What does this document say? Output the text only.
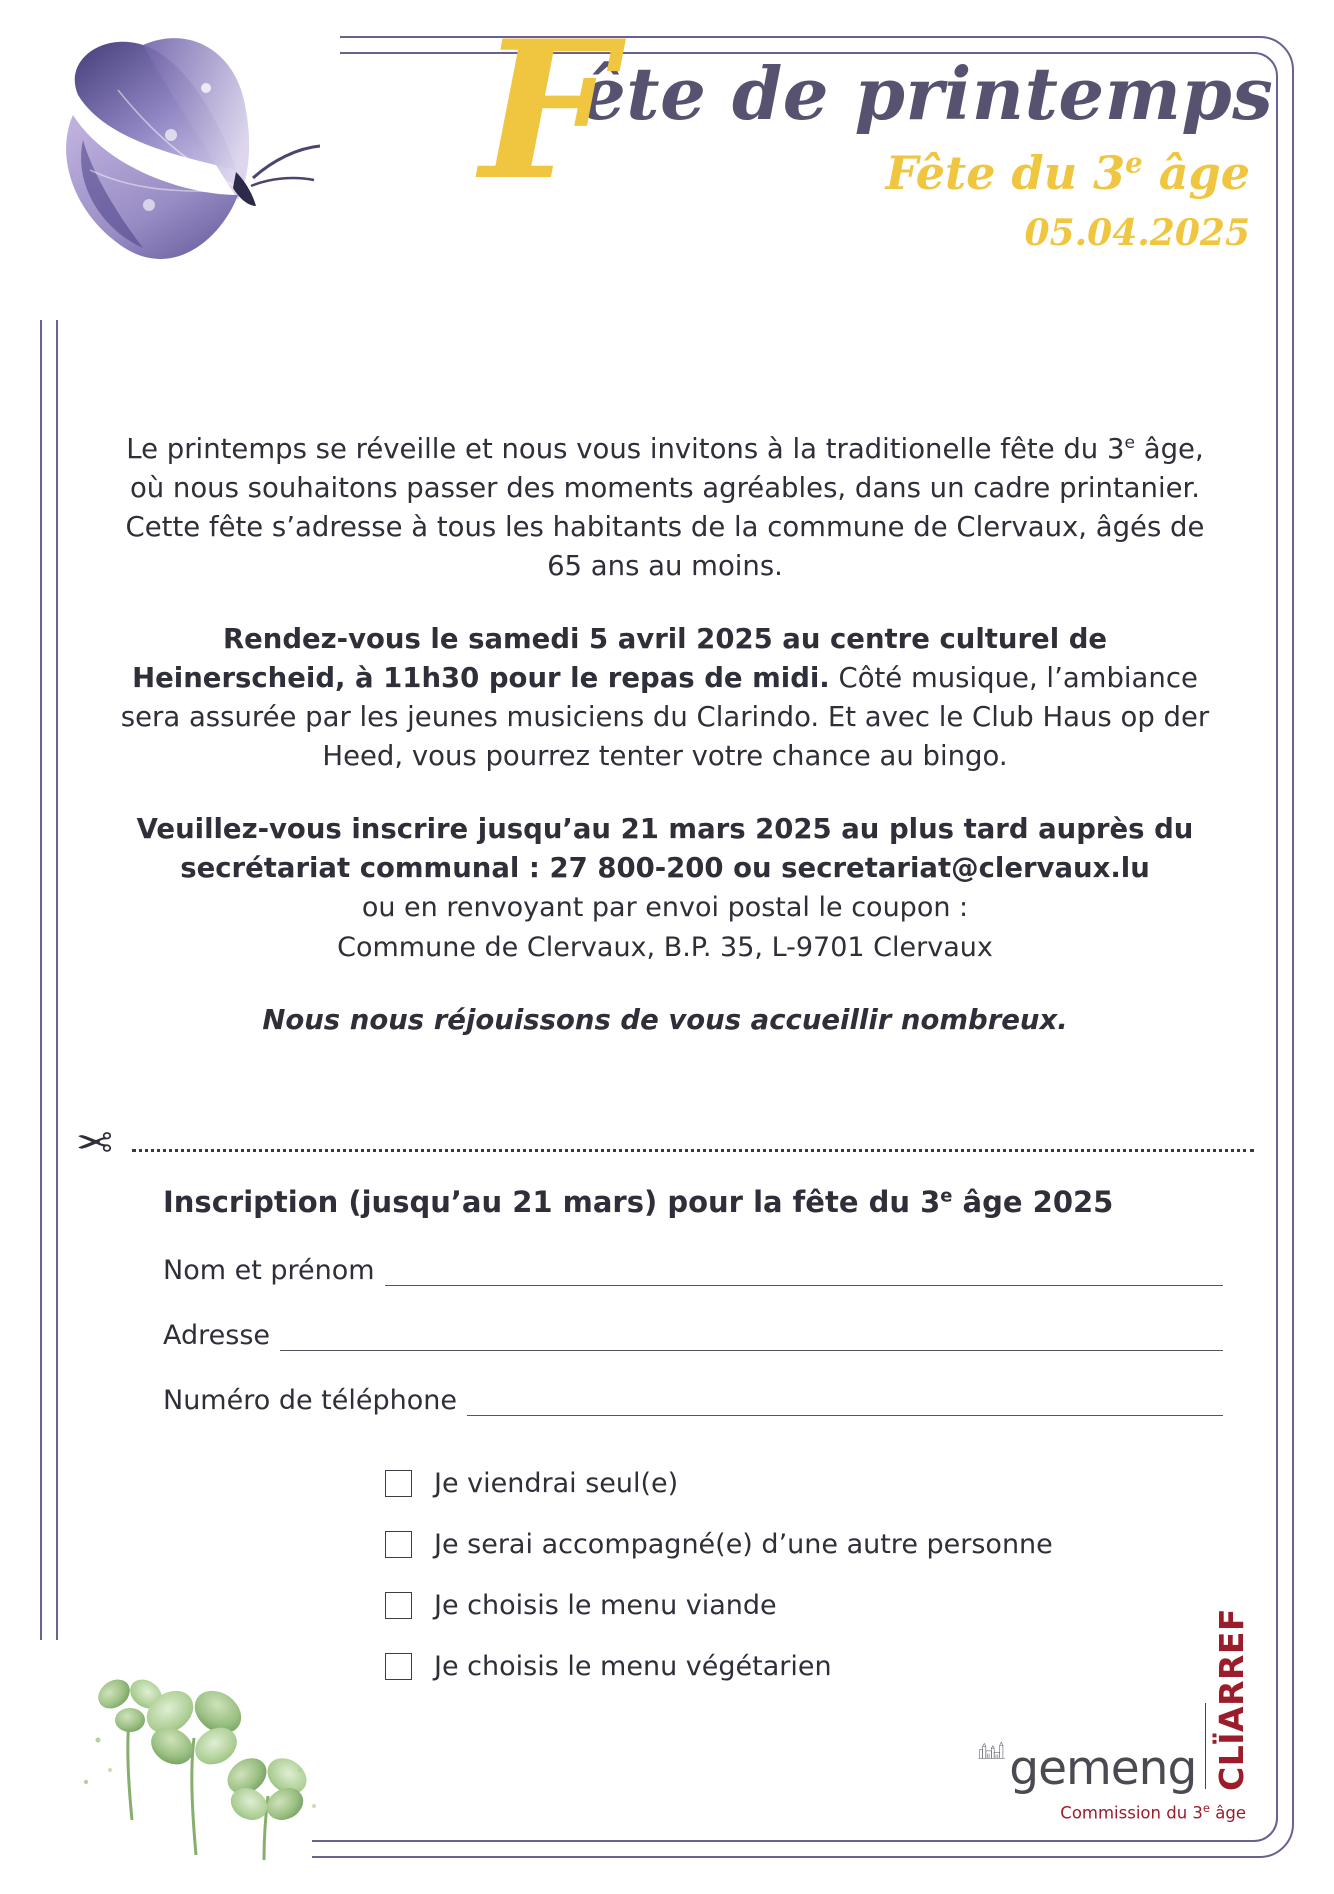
F
ête de printemps
Fête du 3e âge
05.04.2025

Le printemps se réveille et nous vous invitons à la traditionelle fête du 3e âge, où nous souhaitons passer des moments agréables, dans un cadre printanier. Cette fête s’adresse à tous les habitants de la commune de Clervaux, âgés de 65 ans au moins.

Rendez-vous le samedi 5 avril 2025 au centre culturel de Heinerscheid, à 11h30 pour le repas de midi. Côté musique, l’ambiance sera assurée par les jeunes musiciens du Clarindo. Et avec le Club Haus op der Heed, vous pourrez tenter votre chance au bingo.

Veuillez-vous inscrire jusqu’au 21 mars 2025 au plus tard auprès du secrétariat communal : 27 800-200 ou secretariat@clervaux.lu
ou en renvoyant par envoi postal le coupon :
Commune de Clervaux, B.P. 35, L-9701 Clervaux

Nous nous réjouissons de vous accueillir nombreux.

✂
Inscription (jusqu’au 21 mars) pour la fête du 3e âge 2025
Nom et prénom
Adresse
Numéro de téléphone
Je viendrai seul(e)
Je serai accompagné(e) d’une autre personne
Je choisis le menu viande
Je choisis le menu végétarien
gemeng CLÏARREF
Commission du 3e âge
